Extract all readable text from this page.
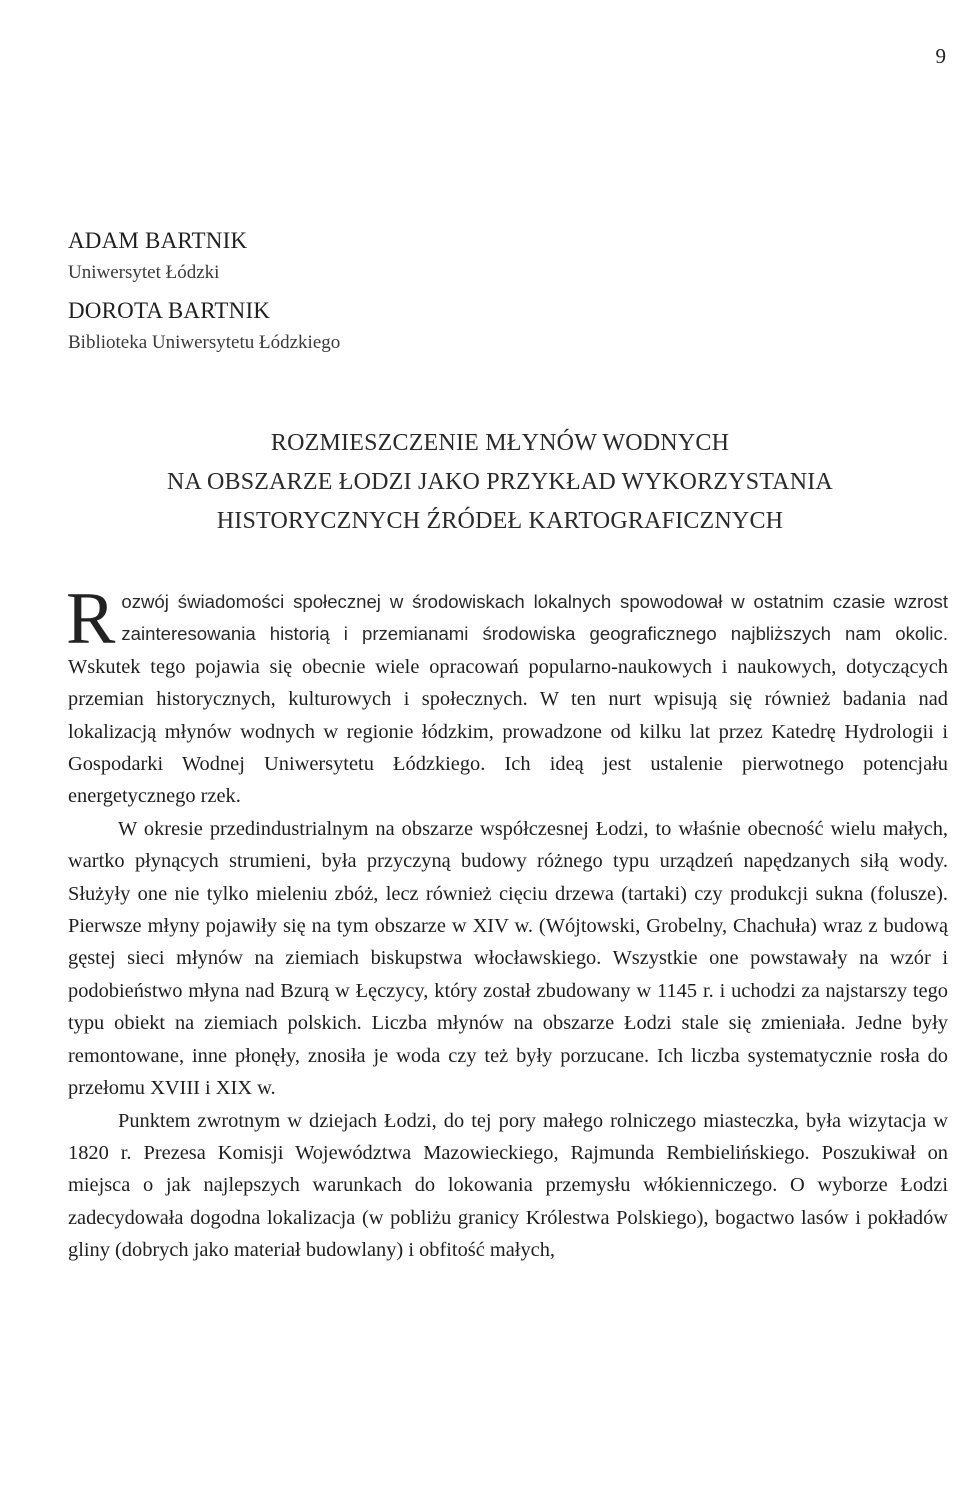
9
ADAM BARTNIK
Uniwersytet Łódzki
DOROTA BARTNIK
Biblioteka Uniwersytetu Łódzkiego
ROZMIESZCZENIE MŁYNÓW WODNYCH
NA OBSZARZE ŁODZI JAKO PRZYKŁAD WYKORZYSTANIA
HISTORYCZNYCH ŹRÓDEŁ KARTOGRAFICZNYCH

Rozwój świadomości społecznej w środowiskach lokalnych spowodował w ostatnim czasie wzrost zainteresowania historią i przemianami środowiska geograficznego najbliższych nam okolic. Wskutek tego pojawia się obecnie wiele opracowań popularno-naukowych i naukowych, dotyczących przemian historycznych, kulturowych i społecznych. W ten nurt wpisują się również badania nad lokalizacją młynów wodnych w regionie łódzkim, prowadzone od kilku lat przez Katedrę Hydrologii i Gospodarki Wodnej Uniwersytetu Łódzkiego. Ich ideą jest ustalenie pierwotnego potencjału energetycznego rzek.

W okresie przedindustrialnym na obszarze współczesnej Łodzi, to właśnie obecność wielu małych, wartko płynących strumieni, była przyczyną budowy różnego typu urządzeń napędzanych siłą wody. Służyły one nie tylko mieleniu zbóż, lecz również cięciu drzewa (tartaki) czy produkcji sukna (folusze). Pierwsze młyny pojawiły się na tym obszarze w XIV w. (Wójtowski, Grobelny, Chachuła) wraz z budową gęstej sieci młynów na ziemiach biskupstwa włocławskiego. Wszystkie one powstawały na wzór i podobieństwo młyna nad Bzurą w Łęczycy, który został zbudowany w 1145 r. i uchodzi za najstarszy tego typu obiekt na ziemiach polskich. Liczba młynów na obszarze Łodzi stale się zmieniała. Jedne były remontowane, inne płonęły, znosiła je woda czy też były porzucane. Ich liczba systematycznie rosła do przełomu XVIII i XIX w.

Punktem zwrotnym w dziejach Łodzi, do tej pory małego rolniczego miasteczka, była wizytacja w 1820 r. Prezesa Komisji Województwa Mazowieckiego, Rajmunda Rembielińskiego. Poszukiwał on miejsca o jak najlepszych warunkach do lokowania przemysłu włókienniczego. O wyborze Łodzi zadecydowała dogodna lokalizacja (w pobliżu granicy Królestwa Polskiego), bogactwo lasów i pokładów gliny (dobrych jako materiał budowlany) i obfitość małych,
